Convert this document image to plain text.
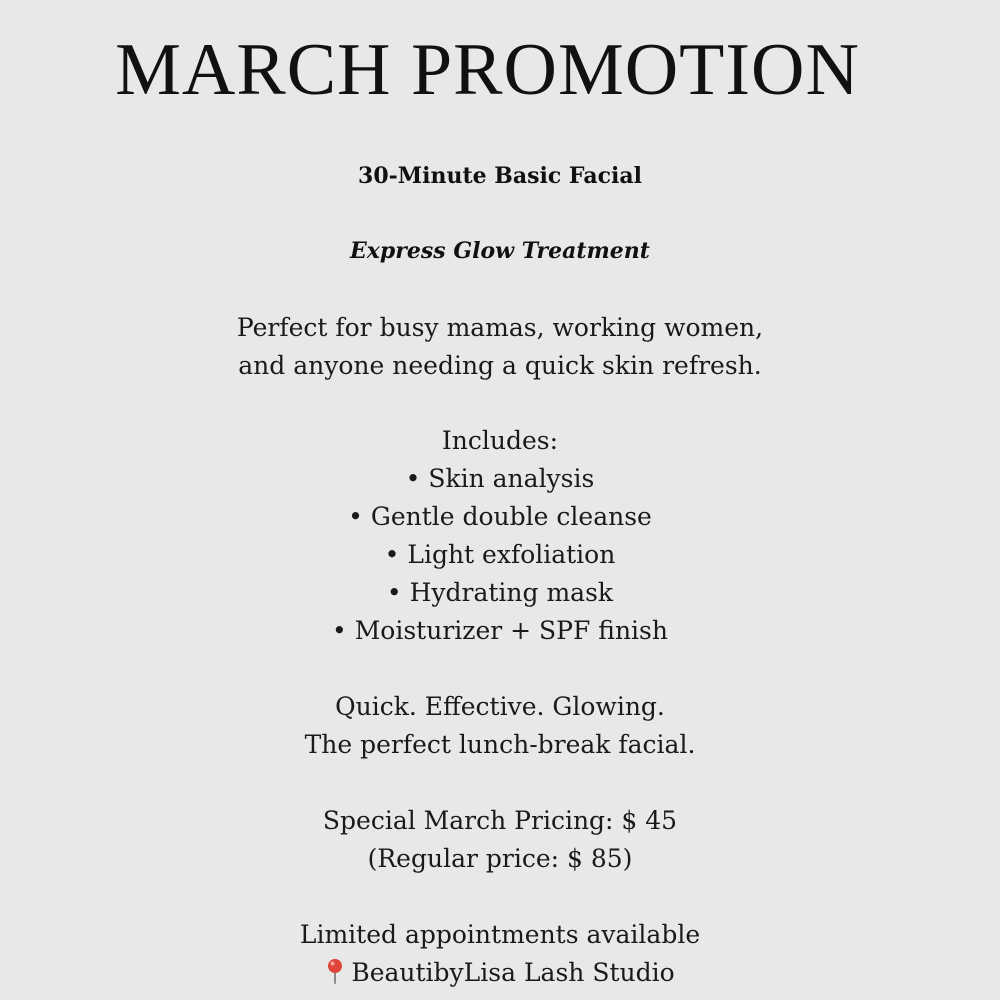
MARCH PROMOTION
30-Minute Basic Facial
Express Glow Treatment
Perfect for busy mamas, working women,
and anyone needing a quick skin refresh.
Includes:
• Skin analysis
• Gentle double cleanse
• Light exfoliation
• Hydrating mask
• Moisturizer + SPF finish
Quick. Effective. Glowing.
The perfect lunch-break facial.
Special March Pricing: $ 45
(Regular price: $ 85)
Limited appointments available
BeautibyLisa Lash Studio
